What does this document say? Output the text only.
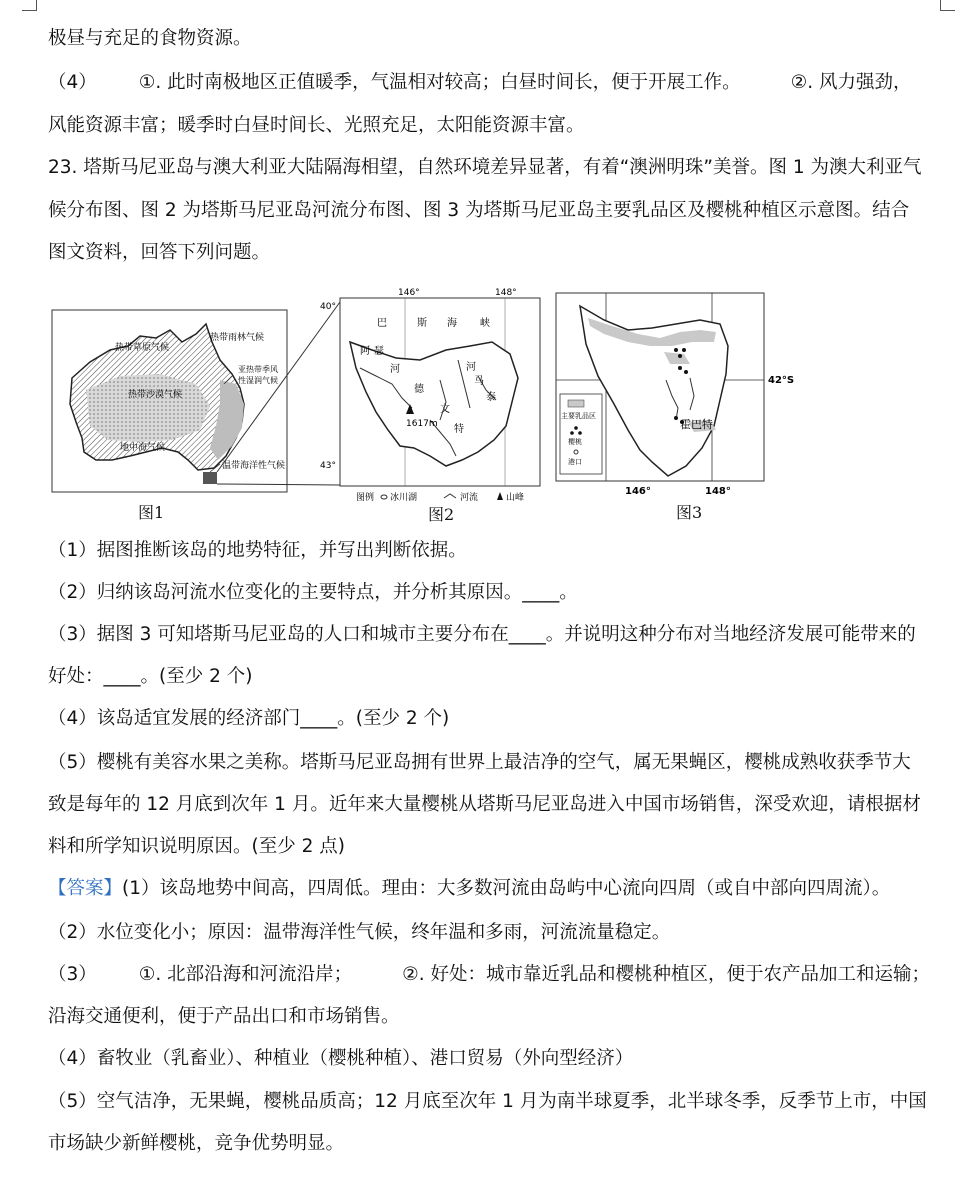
极昼与充足的食物资源。
（4） ①. 此时南极地区正值暖季，气温相对较高；白昼时间长，便于开展工作。	②. 风力强劲，
风能资源丰富；暖季时白昼时间长、光照充足，太阳能资源丰富。
23. 塔斯马尼亚岛与澳大利亚大陆隔海相望，自然环境差异显著，有着“澳洲明珠”美誉。图 1 为澳大利亚气
候分布图、图 2 为塔斯马尼亚岛河流分布图、图 3 为塔斯马尼亚岛主要乳品区及樱桃种植区示意图。结合
图文资料，回答下列问题。
热带草原气候
热带雨林气候
热带沙漠气候
亚热带季风
性湿润气候
地中海气候
温带海洋性气候
146°	148°
40°
43°
巴	斯 海 峡
阿 瑟
河	河
马
泰
德
文
特
1617m
图例 冰川湖	河流	山峰
42°S
146°	148°
霍巴特
主要乳品区
樱桃
港口
图1	图2	图3
（1）据图推断该岛的地势特征，并写出判断依据。
（2）归纳该岛河流水位变化的主要特点，并分析其原因。____。
（3）据图 3 可知塔斯马尼亚岛的人口和城市主要分布在____。并说明这种分布对当地经济发展可能带来的
好处：____。(至少 2 个)
（4）该岛适宜发展的经济部门____。(至少 2 个)
（5）樱桃有美容水果之美称。塔斯马尼亚岛拥有世界上最洁净的空气，属无果蝇区，樱桃成熟收获季节大
致是每年的 12 月底到次年 1 月。近年来大量樱桃从塔斯马尼亚岛进入中国市场销售，深受欢迎，请根据材
料和所学知识说明原因。(至少 2 点)
【答案】(1）该岛地势中间高，四周低。理由：大多数河流由岛屿中心流向四周（或自中部向四周流）。
（2）水位变化小；原因：温带海洋性气候，终年温和多雨，河流流量稳定。
（3） ①. 北部沿海和河流沿岸；	②. 好处：城市靠近乳品和樱桃种植区，便于农产品加工和运输；
沿海交通便利，便于产品出口和市场销售。
（4）畜牧业（乳畜业）、种植业（樱桃种植）、港口贸易（外向型经济）
（5）空气洁净，无果蝇，樱桃品质高；12 月底至次年 1 月为南半球夏季，北半球冬季，反季节上市，中国
市场缺少新鲜樱桃，竞争优势明显。
